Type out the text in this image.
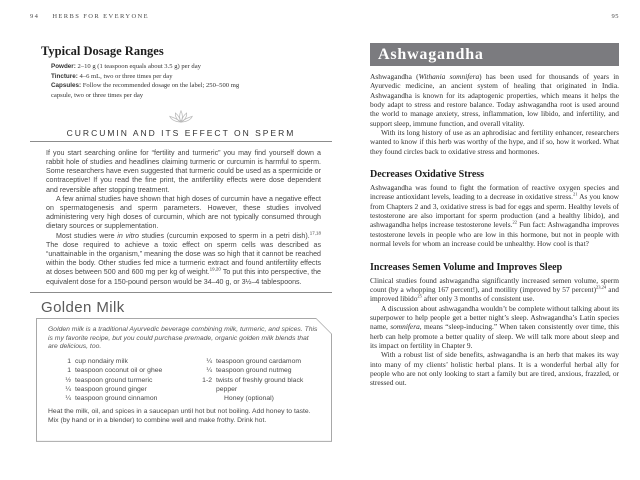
94 HERBS FOR EVERYONE
Typical Dosage Ranges

Powder: 2–10 g (1 teaspoon equals about 3.5 g) per day

Tincture: 4–6 mL, two or three times per day

Capsules: Follow the recommended dosage on the label; 250–500 mg capsule, two or three times per day

CURCUMIN AND ITS EFFECT ON SPERM

If you start searching online for “fertility and turmeric” you may find yourself down a rabbit hole of studies and headlines claiming turmeric or curcumin is harmful to sperm. Some researchers have even suggested that turmeric could be used as a spermicide or contraceptive! If you read the fine print, the antifertility effects were dose dependent and reversible after stopping treatment.

A few animal studies have shown that high doses of curcumin have a negative effect on spermatogenesis and sperm parameters. However, these studies involved administering very high doses of curcumin, which are not typically consumed through dietary sources or supplementation.

Most studies were in vitro studies (curcumin exposed to sperm in a petri dish).$^{17,18}$ The dose required to achieve a toxic effect on sperm cells was described as “unattainable in the organism,” meaning the dose was so high that it cannot be reached within the body. Other studies fed mice a turmeric extract and found antifertility effects at doses between 500 and 600 mg per kg of weight.$^{19,20}$ To put this into perspective, the equivalent dose for a 150-pound person would be 34–40 g, or 3½–4 tablespoons.

Golden Milk

Golden milk is a traditional Ayurvedic beverage combining milk, turmeric, and spices. This is my favorite recipe, but you could purchase premade, organic golden milk blends that are delicious, too.

1 cup nondairy milk
1 teaspoon coconut oil or ghee
½ teaspoon ground turmeric
¼ teaspoon ground ginger
¼ teaspoon ground cinnamon
¼ teaspoon ground cardamom
¼ teaspoon ground nutmeg
1-2 twists of freshly ground black pepper
Honey (optional)

Heat the milk, oil, and spices in a saucepan until hot but not boiling. Add honey to taste. Mix (by hand or in a blender) to combine well and make frothy. Drink hot.

95
Ashwagandha

Ashwagandha (Withania somnifera) has been used for thousands of years in Ayurvedic medicine, an ancient system of healing that originated in India. Ashwagandha is known for its adaptogenic properties, which means it helps the body adapt to stress and restore balance. Today ashwagandha root is used around the world to manage anxiety, stress, inflammation, low libido, and infertility, and support sleep, immune function, and overall vitality.

With its long history of use as an aphrodisiac and fertility enhancer, researchers wanted to know if this herb was worthy of the hype, and if so, how it worked. What they found circles back to oxidative stress and hormones.

Decreases Oxidative Stress

Ashwagandha was found to fight the formation of reactive oxygen species and increase antioxidant levels, leading to a decrease in oxidative stress.$^{21}$ As you know from Chapters 2 and 3, oxidative stress is bad for eggs and sperm. Healthy levels of testosterone are also important for sperm production (and a healthy libido), and ashwagandha helps increase testosterone levels.$^{22}$ Fun fact: Ashwagandha improves testosterone levels in people who are low in this hormone, but not in people with normal levels for whom an increase could be unhealthy. How cool is that?

Increases Semen Volume and Improves Sleep

Clinical studies found ashwagandha significantly increased semen volume, sperm count (by a whopping 167 percent!), and motility (improved by 57 percent)$^{23,24}$ and improved libido$^{25}$ after only 3 months of consistent use.

A discussion about ashwagandha wouldn’t be complete without talking about its superpower to help people get a better night’s sleep. Ashwagandha’s Latin species name, somnifera, means “sleep-inducing.” When taken consistently over time, this herb can help promote a better quality of sleep. We will talk more about sleep and its impact on fertility in Chapter 9.

With a robust list of side benefits, ashwagandha is an herb that makes its way into many of my clients’ holistic herbal plans. It is a wonderful herbal ally for people who are not only looking to start a family but are tired, anxious, frazzled, or stressed out.
